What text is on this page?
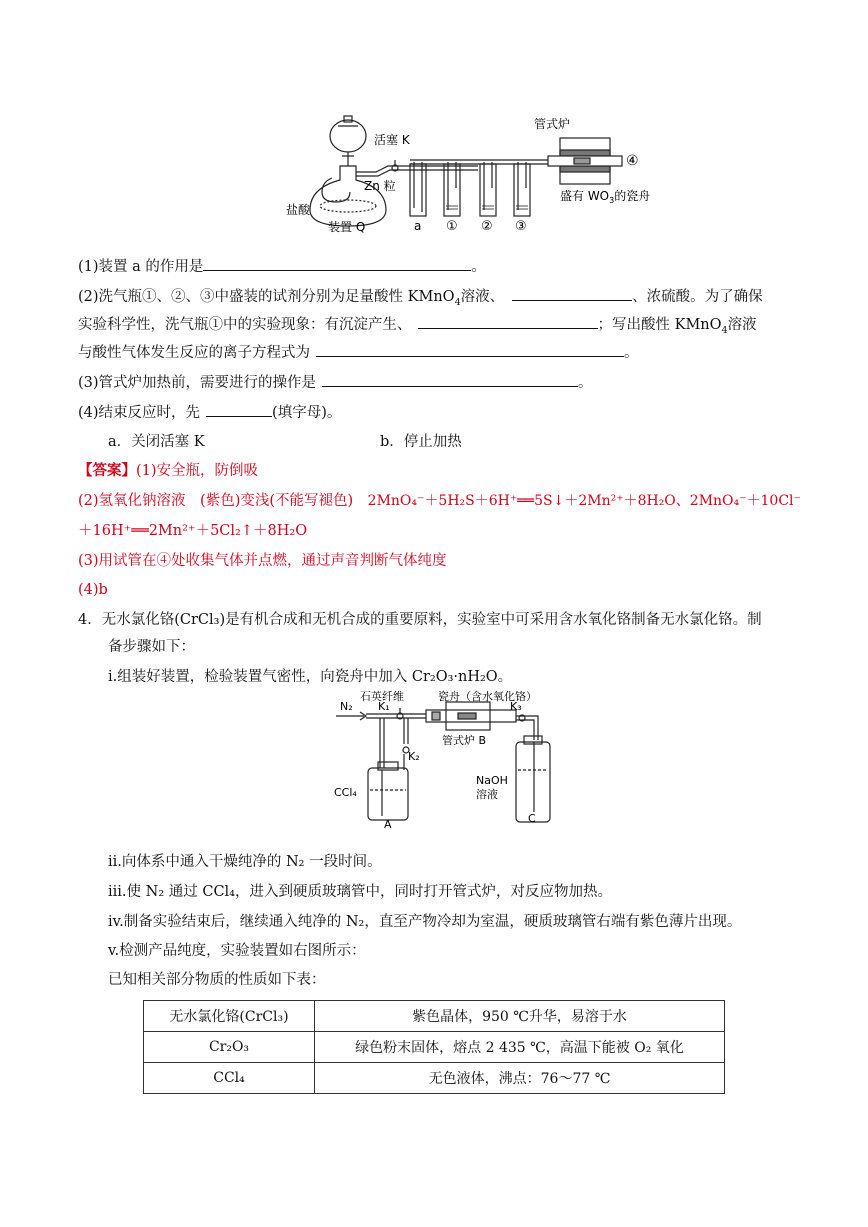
活塞 K
管式炉
Zn 粒
盐酸
装置 Q
盛有 $WO_3$的瓷舟
a ① ② ③
④
(1)装置 a 的作用是	。
(2)洗气瓶①、②、③中盛装的试剂分别为足量酸性 KMnO$_4$溶液、	、浓硫酸。为了确保
实验科学性，洗气瓶①中的实验现象：有沉淀产生、	；写出酸性 KMnO$_4$溶液
与酸性气体发生反应的离子方程式为	。
(3)管式炉加热前，需要进行的操作是	。
(4)结束反应时，先	(填字母)。
a．关闭活塞 K	b．停止加热
【答案】(1)安全瓶，防倒吸
(2)氢氧化钠溶液　(紫色)变浅(不能写褪色)　 2MnO₄⁻＋5H₂S＋6H⁺══5S↓＋2Mn²⁺＋8H₂O、2MnO₄⁻＋10Cl⁻
＋16H⁺══2Mn²⁺＋5Cl₂↑＋8H₂O
(3)用试管在④处收集气体并点燃，通过声音判断气体纯度
(4)b
4．无水氯化铬(CrCl₃)是有机合成和无机合成的重要原料，实验室中可采用含水氧化铬制备无水氯化铬。制
备步骤如下：
i.组装好装置，检验装置气密性，向瓷舟中加入 Cr₂O₃·nH₂O。
N₂ K₁
K₂
K₃
石英纤维	瓷舟（含水氧化铬）
管式炉 B
CCl₄
A
NaOH
溶液
C
ii.向体系中通入干燥纯净的 N₂ 一段时间。
iii.使 N₂ 通过 CCl₄，进入到硬质玻璃管中，同时打开管式炉，对反应物加热。
iv.制备实验结束后，继续通入纯净的 N₂，直至产物冷却为室温，硬质玻璃管右端有紫色薄片出现。
v.检测产品纯度，实验装置如右图所示：
已知相关部分物质的性质如下表：
无水氯化铬(CrCl₃)	紫色晶体，950 ℃升华，易溶于水
Cr₂O₃	绿色粉末固体，熔点 2 435 ℃，高温下能被 O₂ 氧化
CCl₄	无色液体，沸点：76～77 ℃
